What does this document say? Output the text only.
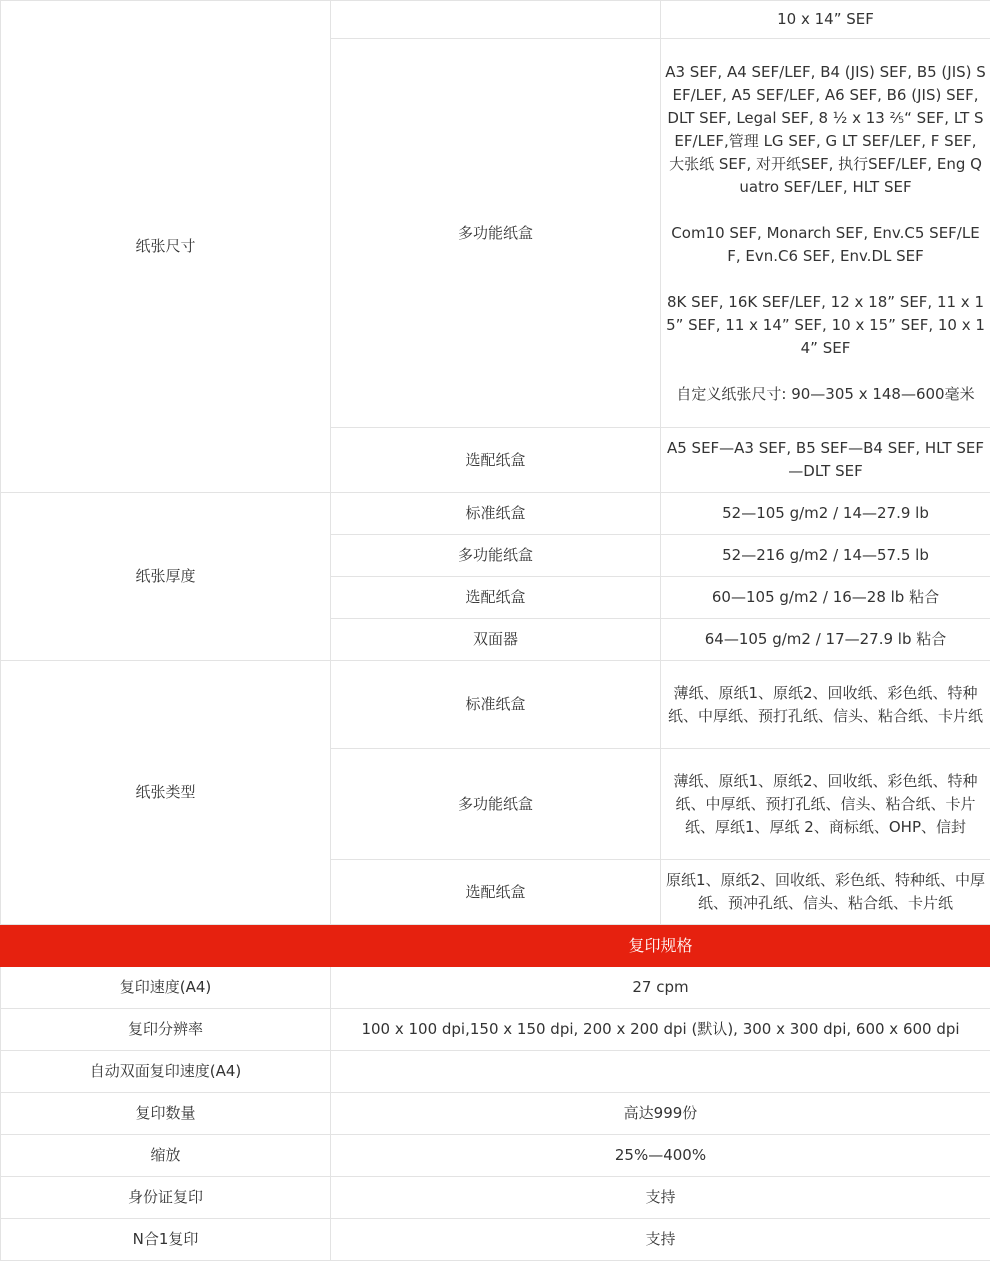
纸张尺寸		10 x 14” SEF
	多功能纸盒	A3 SEF, A4 SEF/LEF, B4 (JIS) SEF, B5 (JIS) SEF/LEF, A5 SEF/LEF, A6 SEF, B6 (JIS) SEF, DLT SEF, Legal SEF, 8 ½ x 13 ⅖“ SEF, LT SEF/LEF,管理 LG SEF, G LT SEF/LEF, F SEF, 大张纸 SEF, 对开纸SEF, 执行SEF/LEF, Eng Quatro SEF/LEF, HLT SEF
Com10 SEF, Monarch SEF, Env.C5 SEF/LEF, Evn.C6 SEF, Env.DL SEF
8K SEF, 16K SEF/LEF, 12 x 18” SEF, 11 x 15” SEF, 11 x 14” SEF, 10 x 15” SEF, 10 x 14” SEF
自定义纸张尺寸: 90—305 x 148—600毫米

	选配纸盒	A5 SEF—A3 SEF, B5 SEF—B4 SEF, HLT SEF—DLT SEF
纸张厚度	标准纸盒	52—105 g/m2 / 14—27.9 lb
	多功能纸盒	52—216 g/m2 / 14—57.5 lb
	选配纸盒	60—105 g/m2 / 16—28 lb 粘合
	双面器	64—105 g/m2 / 17—27.9 lb 粘合
纸张类型	标准纸盒	薄纸、原纸1、原纸2、回收纸、彩色纸、特种纸、中厚纸、预打孔纸、信头、粘合纸、卡片纸
	多功能纸盒	薄纸、原纸1、原纸2、回收纸、彩色纸、特种纸、中厚纸、预打孔纸、信头、粘合纸、卡片纸、厚纸1、厚纸 2、商标纸、OHP、信封
	选配纸盒	原纸1、原纸2、回收纸、彩色纸、特种纸、中厚纸、预冲孔纸、信头、粘合纸、卡片纸
	复印规格	
复印速度(A4)	27 cpm	
复印分辨率	100 x 100 dpi,150 x 150 dpi, 200 x 200 dpi (默认), 300 x 300 dpi, 600 x 600 dpi	
自动双面复印速度(A4)		
复印数量	高达999份	
缩放	25%—400%	
身份证复印	支持	
N合1复印	支持	
